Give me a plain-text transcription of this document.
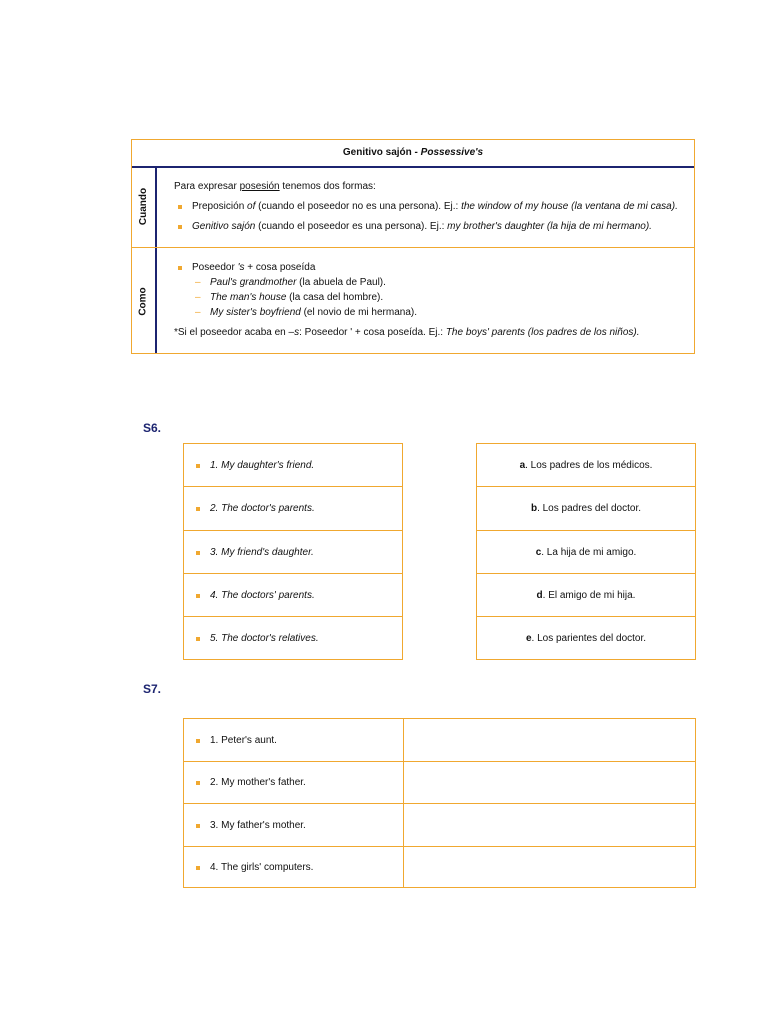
Genitivo sajón - Possessive's
Cuando
Como

Para expresar posesión tenemos dos formas:

Preposición of (cuando el poseedor no es una persona). Ej.: the window of my house (la ventana de mi casa).
Genitivo sajón (cuando el poseedor es una persona). Ej.: my brother's daughter (la hija de mi hermano).
Poseedor 's + cosa poseída
– Paul's grandmother (la abuela de Paul).
– The man's house (la casa del hombre).
– My sister's boyfriend (el novio de mi hermana).

*Si el poseedor acaba en –s: Poseedor ' + cosa poseída. Ej.: The boys' parents (los padres de los niños).

S6.
1. My daughter's friend.
2. The doctor's parents.
3. My friend's daughter.
4. The doctors' parents.
5. The doctor's relatives.
a. Los padres de los médicos.
b. Los padres del doctor.
c. La hija de mi amigo.
d. El amigo de mi hija.
e. Los parientes del doctor.
S7.
1. Peter's aunt.
2. My mother's father.
3. My father's mother.
4. The girls' computers.
